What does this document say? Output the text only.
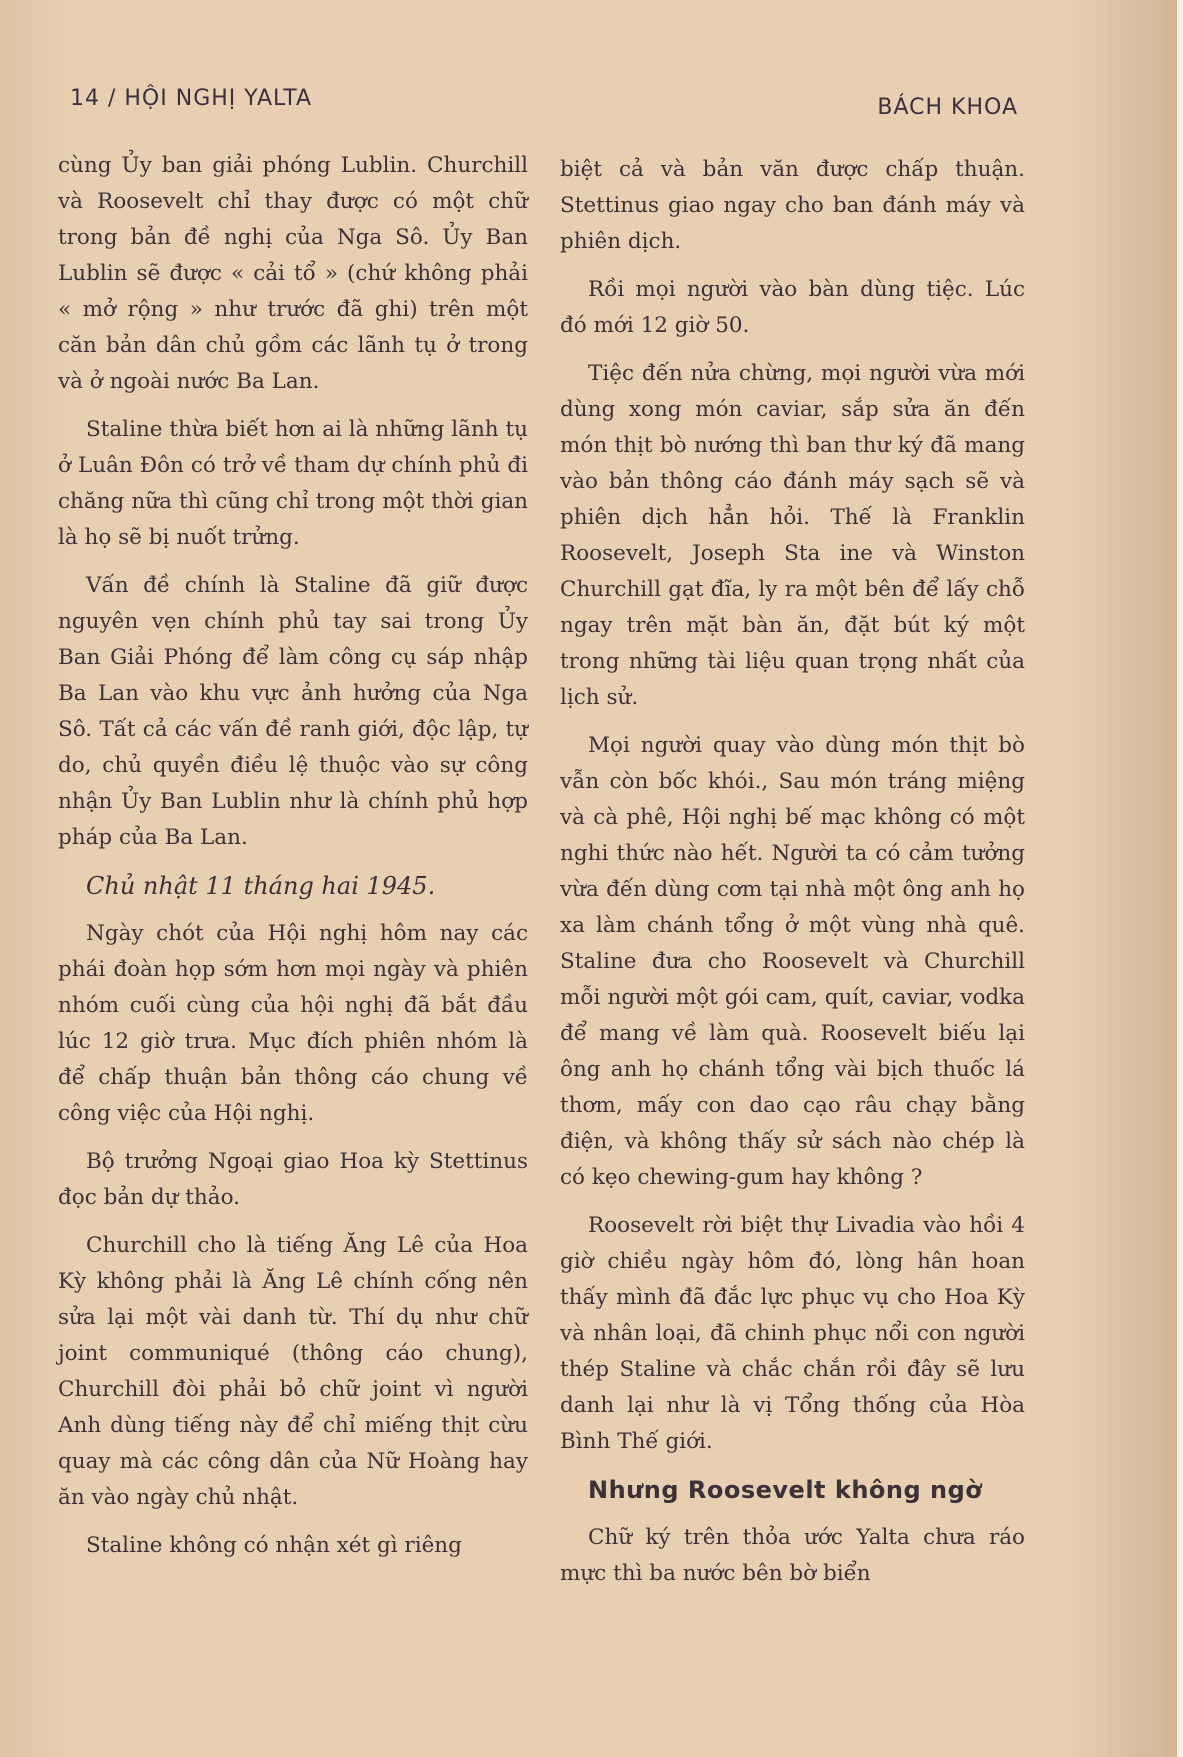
14 / HỘI NGHỊ YALTA	BÁCH KHOA

cùng Ủy ban giải phóng Lublin. Churchill và Roosevelt chỉ thay được có một chữ trong bản đề nghị của Nga Sô. Ủy Ban Lublin sẽ được « cải tổ » (chứ không phải « mở rộng » như trước đã ghi) trên một căn bản dân chủ gồm các lãnh tụ ở trong và ở ngoài nước Ba Lan.

Staline thừa biết hơn ai là những lãnh tụ ở Luân Đôn có trở về tham dự chính phủ đi chăng nữa thì cũng chỉ trong một thời gian là họ sẽ bị nuốt trửng.

Vấn đề chính là Staline đã giữ được nguyên vẹn chính phủ tay sai trong Ủy Ban Giải Phóng để làm công cụ sáp nhập Ba Lan vào khu vực ảnh hưởng của Nga Sô. Tất cả các vấn đề ranh giới, độc lập, tự do, chủ quyền điều lệ thuộc vào sự công nhận Ủy Ban Lublin như là chính phủ hợp pháp của Ba Lan.

Chủ nhật 11 tháng hai 1945.

Ngày chót của Hội nghị hôm nay các phái đoàn họp sớm hơn mọi ngày và phiên nhóm cuối cùng của hội nghị đã bắt đầu lúc 12 giờ trưa. Mục đích phiên nhóm là để chấp thuận bản thông cáo chung về công việc của Hội nghị.

Bộ trưởng Ngoại giao Hoa kỳ Stettinus đọc bản dự thảo.

Churchill cho là tiếng Ăng Lê của Hoa Kỳ không phải là Ăng Lê chính cống nên sửa lại một vài danh từ. Thí dụ như chữ joint communiqué (thông cáo chung), Churchill đòi phải bỏ chữ joint vì người Anh dùng tiếng này để chỉ miếng thịt cừu quay mà các công dân của Nữ Hoàng hay ăn vào ngày chủ nhật.

Staline không có nhận xét gì riêng

biệt cả và bản văn được chấp thuận. Stettinus giao ngay cho ban đánh máy và phiên dịch.

Rồi mọi người vào bàn dùng tiệc. Lúc đó mới 12 giờ 50.

Tiệc đến nửa chừng, mọi người vừa mới dùng xong món caviar, sắp sửa ăn đến món thịt bò nướng thì ban thư ký đã mang vào bản thông cáo đánh máy sạch sẽ và phiên dịch hẳn hỏi. Thế là Franklin Roosevelt, Joseph Sta ine và Winston Churchill gạt đĩa, ly ra một bên để lấy chỗ ngay trên mặt bàn ăn, đặt bút ký một trong những tài liệu quan trọng nhất của lịch sử.

Mọi người quay vào dùng món thịt bò vẫn còn bốc khói., Sau món tráng miệng và cà phê, Hội nghị bế mạc không có một nghi thức nào hết. Người ta có cảm tưởng vừa đến dùng cơm tại nhà một ông anh họ xa làm chánh tổng ở một vùng nhà quê. Staline đưa cho Roosevelt và Churchill mỗi người một gói cam, quít, caviar, vodka để mang về làm quà. Roosevelt biếu lại ông anh họ chánh tổng vài bịch thuốc lá thơm, mấy con dao cạo râu chạy bằng điện, và không thấy sử sách nào chép là có kẹo chewing-gum hay không ?

Roosevelt rời biệt thự Livadia vào hồi 4 giờ chiều ngày hôm đó, lòng hân hoan thấy mình đã đắc lực phục vụ cho Hoa Kỳ và nhân loại, đã chinh phục nổi con người thép Staline và chắc chắn rồi đây sẽ lưu danh lại như là vị Tổng thống của Hòa Bình Thế giới.

Nhưng Roosevelt không ngờ

Chữ ký trên thỏa ước Yalta chưa ráo mực thì ba nước bên bờ biển
